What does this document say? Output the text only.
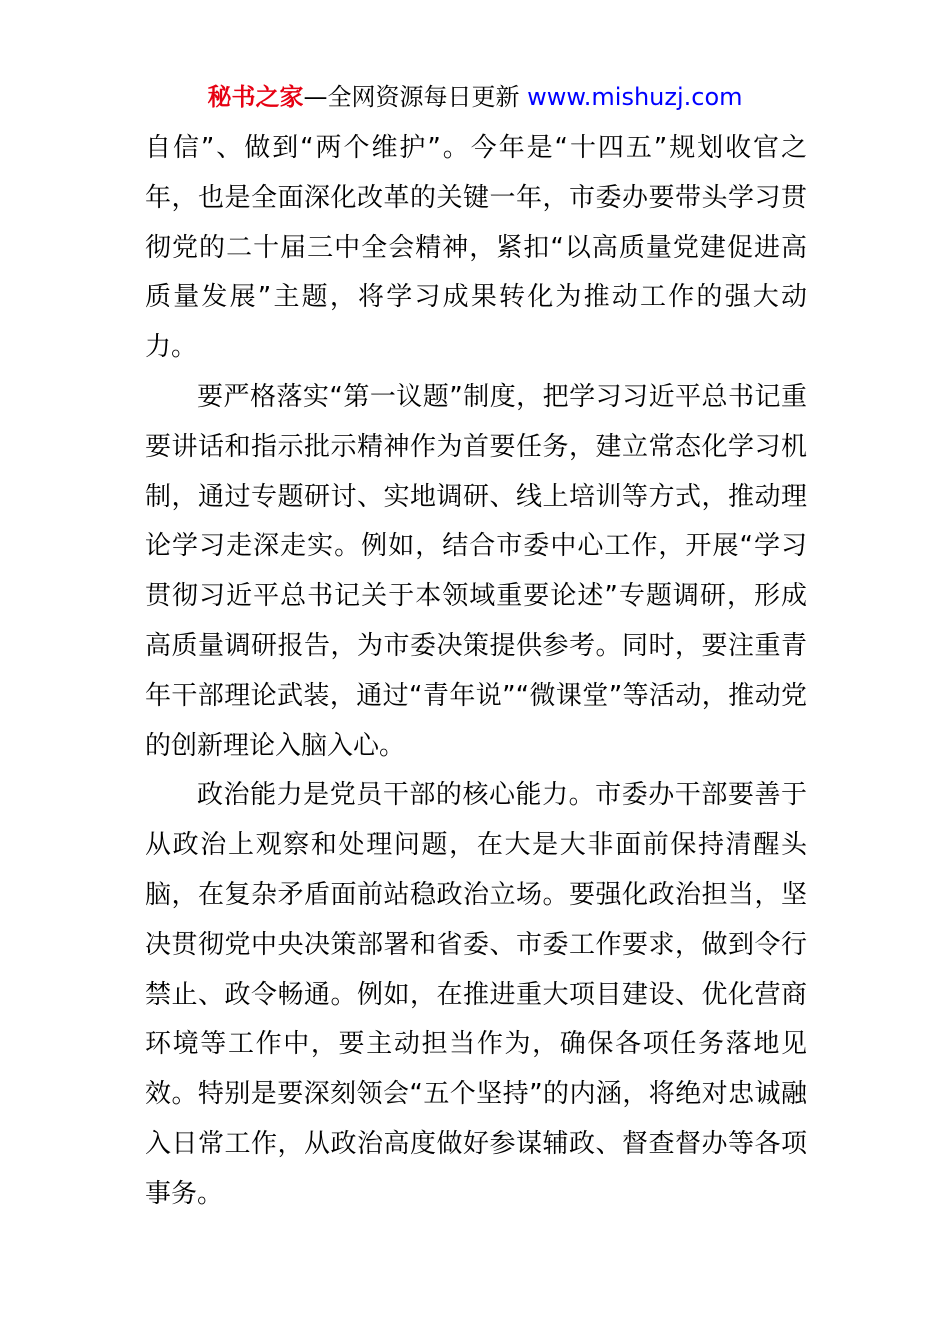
秘书之家—全网资源每日更新 www.mishuzj.com

自信”、做到“两个维护”。今年是“十四五”规划收官之年，也是全面深化改革的关键一年，市委办要带头学习贯彻党的二十届三中全会精神，紧扣“以高质量党建促进高质量发展”主题，将学习成果转化为推动工作的强大动力。

要严格落实“第一议题”制度，把学习习近平总书记重要讲话和指示批示精神作为首要任务，建立常态化学习机制，通过专题研讨、实地调研、线上培训等方式，推动理论学习走深走实。例如，结合市委中心工作，开展“学习贯彻习近平总书记关于本领域重要论述”专题调研，形成高质量调研报告，为市委决策提供参考。同时，要注重青年干部理论武装，通过“青年说”“微课堂”等活动，推动党的创新理论入脑入心。

政治能力是党员干部的核心能力。市委办干部要善于从政治上观察和处理问题，在大是大非面前保持清醒头脑，在复杂矛盾面前站稳政治立场。要强化政治担当，坚决贯彻党中央决策部署和省委、市委工作要求，做到令行禁止、政令畅通。例如，在推进重大项目建设、优化营商环境等工作中，要主动担当作为，确保各项任务落地见效。特别是要深刻领会“五个坚持”的内涵，将绝对忠诚融入日常工作，从政治高度做好参谋辅政、督查督办等各项事务。
